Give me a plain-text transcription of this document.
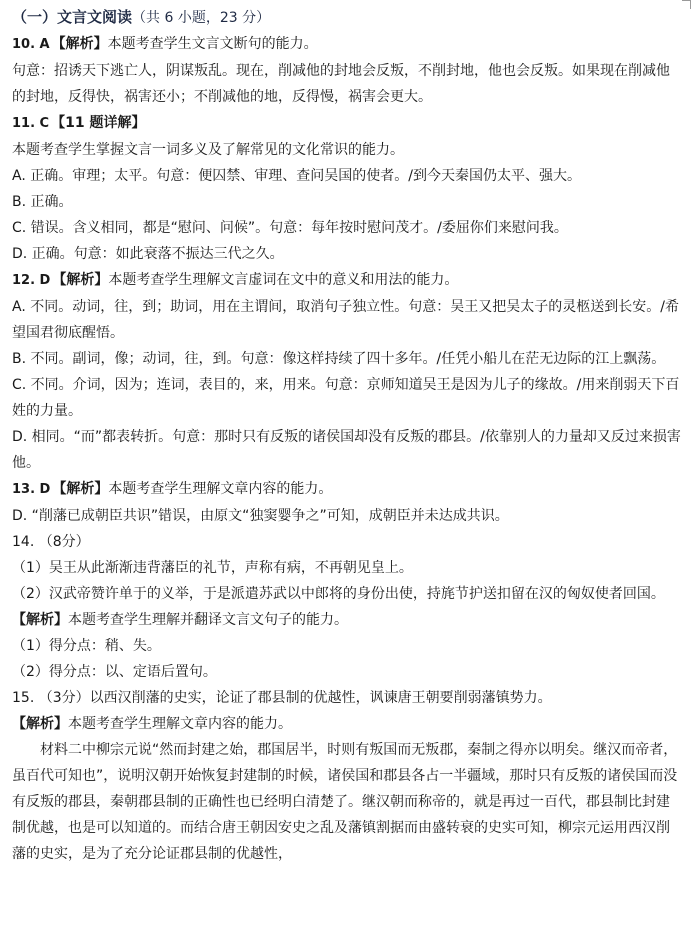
（一）文言文阅读（共 6 小题，23 分）
10. A 【解析】本题考查学生文言文断句的能力。
句意：招诱天下逃亡人，阴谋叛乱。现在，削减他的封地会反叛，不削封地，他也会反叛。如果现在削减他的封地，反得快，祸害还小；不削减他的地，反得慢，祸害会更大。
11. C 【11 题详解】
本题考查学生掌握文言一词多义及了解常见的文化常识的能力。
A. 正确。审理；太平。句意：便囚禁、审理、查问吴国的使者。/到今天秦国仍太平、强大。
B. 正确。
C. 错误。含义相同，都是“慰问、问候”。句意：每年按时慰问茂才。/委屈你们来慰问我。
D. 正确。句意：如此衰落不振达三代之久。
12. D 【解析】本题考查学生理解文言虚词在文中的意义和用法的能力。
A. 不同。动词，往，到；助词，用在主谓间，取消句子独立性。句意：吴王又把吴太子的灵柩送到长安。/希望国君彻底醒悟。
B. 不同。副词，像；动词，往，到。句意：像这样持续了四十多年。/任凭小船儿在茫无边际的江上飘荡。
C. 不同。介词，因为；连词，表目的，来，用来。句意：京师知道吴王是因为儿子的缘故。/用来削弱天下百姓的力量。
D. 相同。“而”都表转折。句意：那时只有反叛的诸侯国却没有反叛的郡县。/依靠别人的力量却又反过来损害他。
13. D 【解析】本题考查学生理解文章内容的能力。
D. “削藩已成朝臣共识”错误，由原文“独窦婴争之”可知，成朝臣并未达成共识。
14. （8分）
（1）吴王从此渐渐违背藩臣的礼节，声称有病，不再朝见皇上。
（2）汉武帝赞许单于的义举，于是派遣苏武以中郎将的身份出使，持旄节护送扣留在汉的匈奴使者回国。
【解析】本题考查学生理解并翻译文言文句子的能力。
（1）得分点：稍、失。
（2）得分点：以、定语后置句。
15. （3分）以西汉削藩的史实，论证了郡县制的优越性，讽谏唐王朝要削弱藩镇势力。
【解析】本题考查学生理解文章内容的能力。
材料二中柳宗元说“然而封建之始，郡国居半，时则有叛国而无叛郡，秦制之得亦以明矣。继汉而帝者，虽百代可知也”，说明汉朝开始恢复封建制的时候，诸侯国和郡县各占一半疆域，那时只有反叛的诸侯国而没有反叛的郡县，秦朝郡县制的正确性也已经明白清楚了。继汉朝而称帝的，就是再过一百代，郡县制比封建制优越，也是可以知道的。而结合唐王朝因安史之乱及藩镇割据而由盛转衰的史实可知，柳宗元运用西汉削藩的史实，是为了充分论证郡县制的优越性，
